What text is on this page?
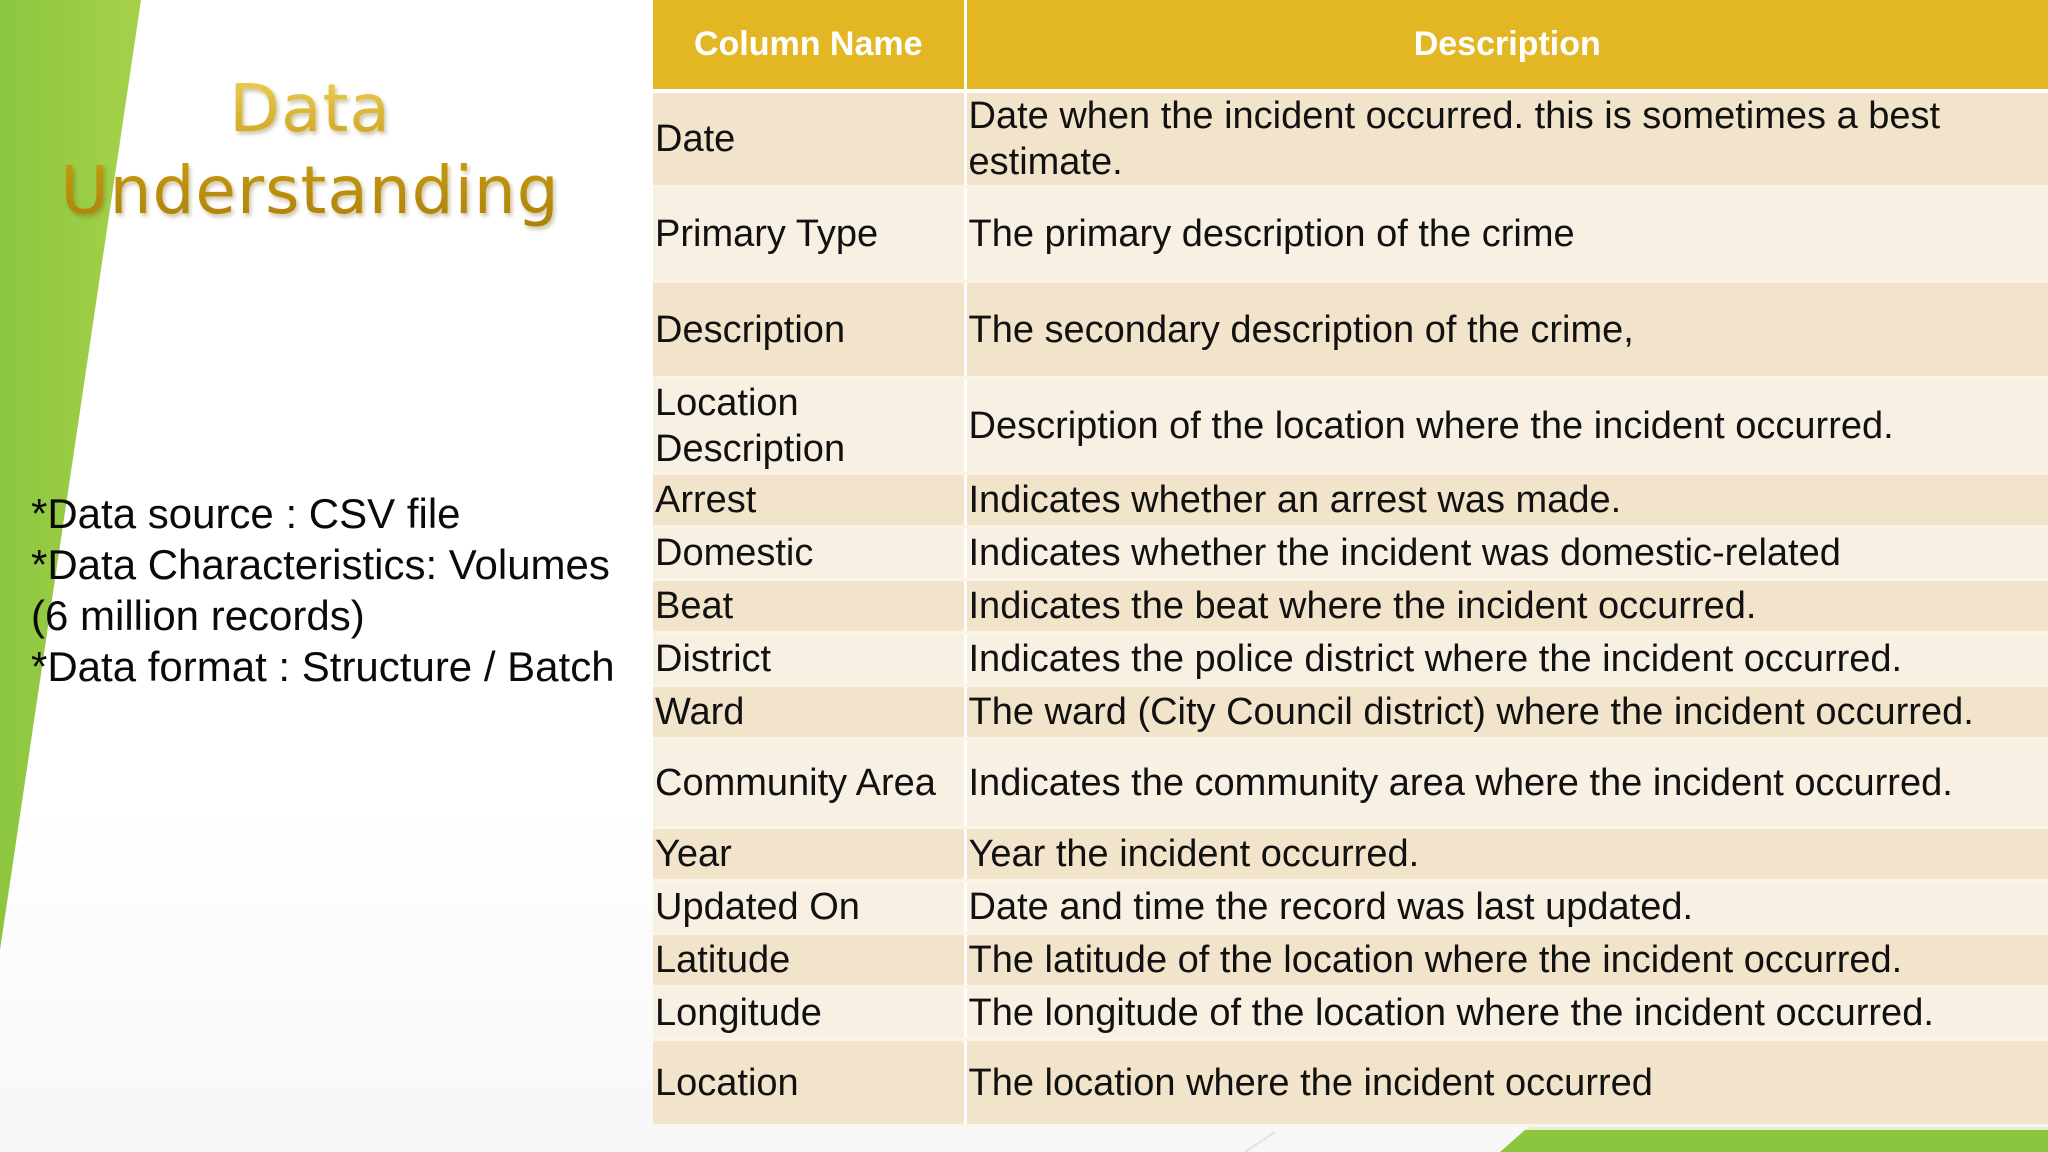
Data
Understanding
*Data source : CSV file
*Data Characteristics: Volumes
(6 million records)
*Data format : Structure / Batch
Column Name	Description
Date	Date when the incident occurred. this is sometimes a best estimate.
Primary Type	The primary description of the crime
Description	The secondary description of the crime,
Location Description	Description of the location where the incident occurred.
Arrest	Indicates whether an arrest was made.
Domestic	Indicates whether the incident was domestic-related
Beat	Indicates the beat where the incident occurred.
District	Indicates the police district where the incident occurred.
Ward	The ward (City Council district) where the incident occurred.
Community Area	Indicates the community area where the incident occurred.
Year	Year the incident occurred.
Updated On	Date and time the record was last updated.
Latitude	The latitude of the location where the incident occurred.
Longitude	The longitude of the location where the incident occurred.
Location	The location where the incident occurred
